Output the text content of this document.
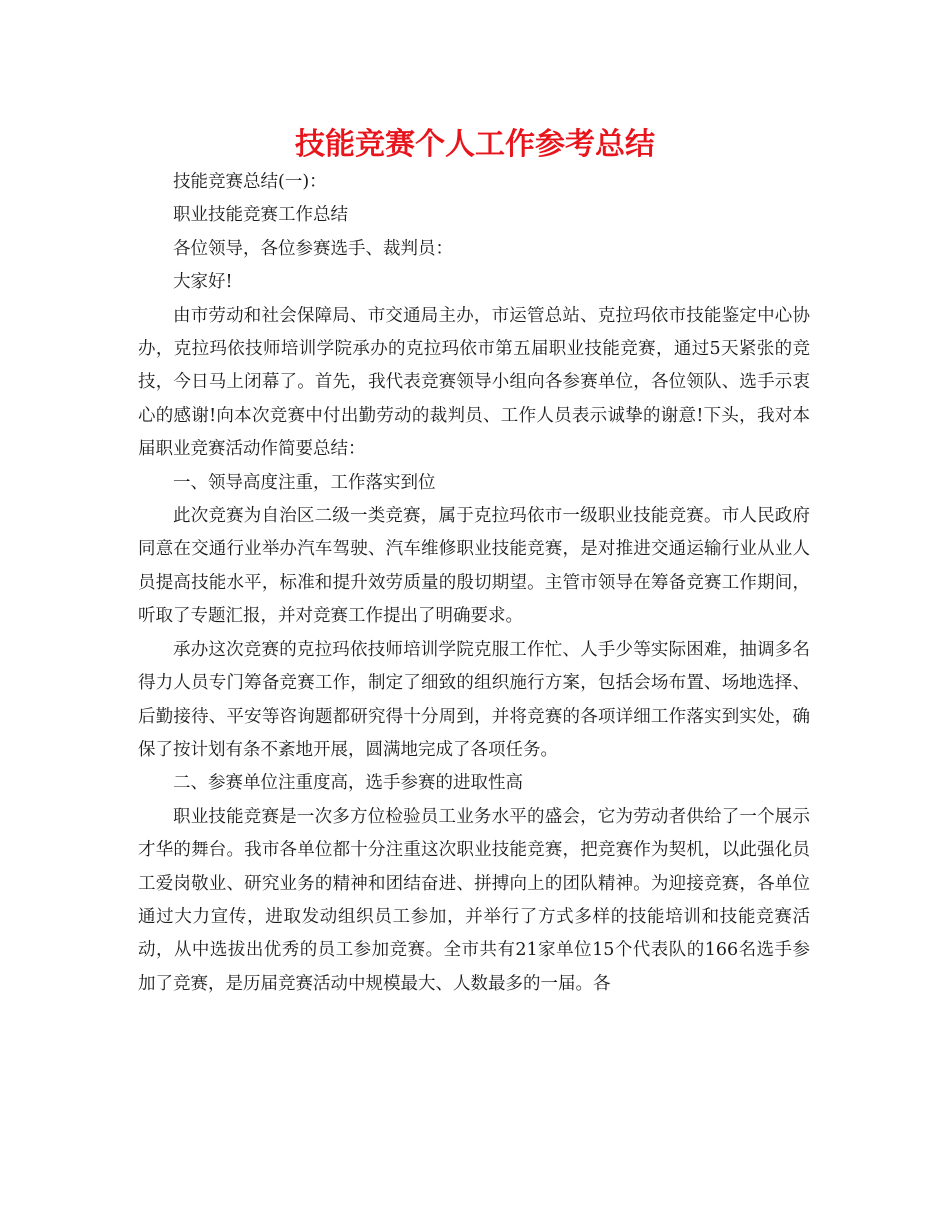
技能竞赛个人工作参考总结

技能竞赛总结(一)：

职业技能竞赛工作总结

各位领导，各位参赛选手、裁判员：

大家好!

由市劳动和社会保障局、市交通局主办，市运管总站、克拉玛依市技能鉴定中心协办，克拉玛依技师培训学院承办的克拉玛依市第五届职业技能竞赛，通过5天紧张的竞技，今日马上闭幕了。首先，我代表竞赛领导小组向各参赛单位，各位领队、选手示衷心的感谢!向本次竞赛中付出勤劳动的裁判员、工作人员表示诚挚的谢意!下头，我对本届职业竞赛活动作简要总结：

一、领导高度注重，工作落实到位

此次竞赛为自治区二级一类竞赛，属于克拉玛依市一级职业技能竞赛。市人民政府同意在交通行业举办汽车驾驶、汽车维修职业技能竞赛，是对推进交通运输行业从业人员提高技能水平，标准和提升效劳质量的殷切期望。主管市领导在筹备竞赛工作期间，听取了专题汇报，并对竞赛工作提出了明确要求。

承办这次竞赛的克拉玛依技师培训学院克服工作忙、人手少等实际困难，抽调多名得力人员专门筹备竞赛工作，制定了细致的组织施行方案，包括会场布置、场地选择、后勤接待、平安等咨询题都研究得十分周到，并将竞赛的各项详细工作落实到实处，确保了按计划有条不紊地开展，圆满地完成了各项任务。

二、参赛单位注重度高，选手参赛的进取性高

职业技能竞赛是一次多方位检验员工业务水平的盛会，它为劳动者供给了一个展示才华的舞台。我市各单位都十分注重这次职业技能竞赛，把竞赛作为契机，以此强化员工爱岗敬业、研究业务的精神和团结奋进、拼搏向上的团队精神。为迎接竞赛，各单位通过大力宣传，进取发动组织员工参加，并举行了方式多样的技能培训和技能竞赛活动，从中选拔出优秀的员工参加竞赛。全市共有21家单位15个代表队的166名选手参加了竞赛，是历届竞赛活动中规模最大、人数最多的一届。各
